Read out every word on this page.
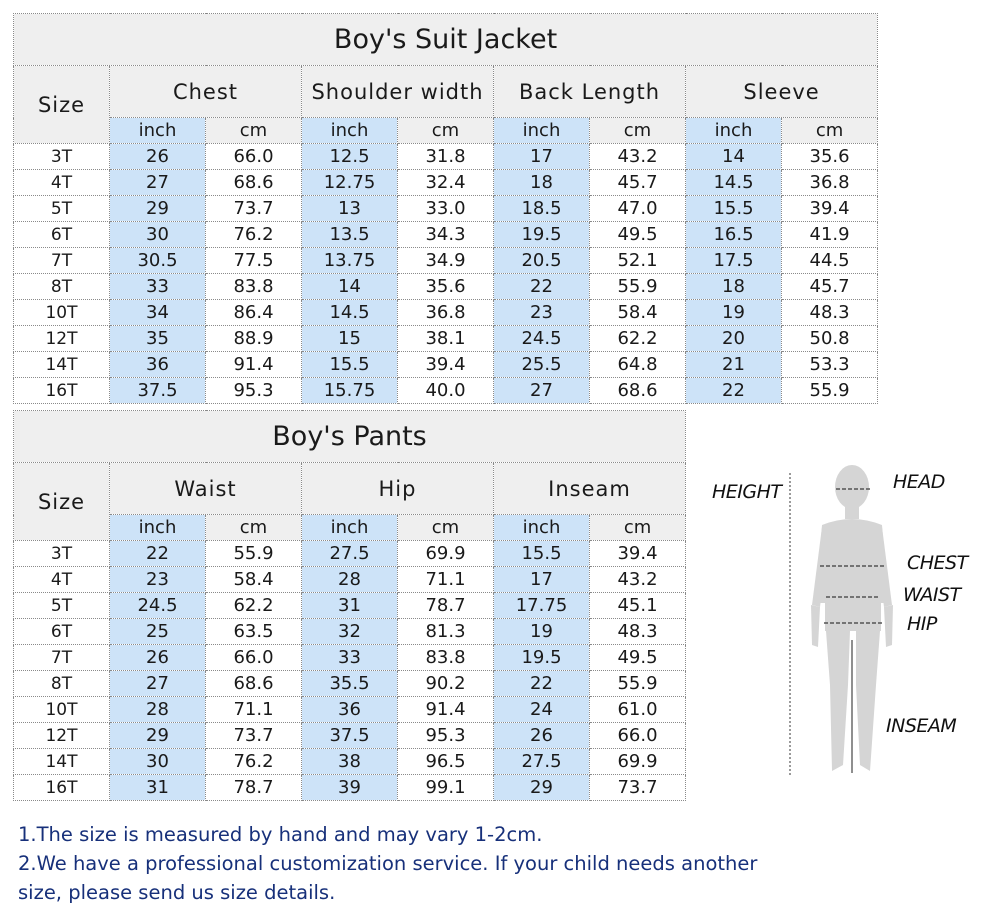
Boy's Suit Jacket								
Size	Chest		Shoulder width		Back Length		Sleeve	
	inch	cm	inch	cm	inch	cm	inch	cm
3T	26	66.0	12.5	31.8	17	43.2	14	35.6
4T	27	68.6	12.75	32.4	18	45.7	14.5	36.8
5T	29	73.7	13	33.0	18.5	47.0	15.5	39.4
6T	30	76.2	13.5	34.3	19.5	49.5	16.5	41.9
7T	30.5	77.5	13.75	34.9	20.5	52.1	17.5	44.5
8T	33	83.8	14	35.6	22	55.9	18	45.7
10T	34	86.4	14.5	36.8	23	58.4	19	48.3
12T	35	88.9	15	38.1	24.5	62.2	20	50.8
14T	36	91.4	15.5	39.4	25.5	64.8	21	53.3
16T	37.5	95.3	15.75	40.0	27	68.6	22	55.9
Boy's Pants						
Size	Waist		Hip		Inseam	
	inch	cm	inch	cm	inch	cm
3T	22	55.9	27.5	69.9	15.5	39.4
4T	23	58.4	28	71.1	17	43.2
5T	24.5	62.2	31	78.7	17.75	45.1
6T	25	63.5	32	81.3	19	48.3
7T	26	66.0	33	83.8	19.5	49.5
8T	27	68.6	35.5	90.2	22	55.9
10T	28	71.1	36	91.4	24	61.0
12T	29	73.7	37.5	95.3	26	66.0
14T	30	76.2	38	96.5	27.5	69.9
16T	31	78.7	39	99.1	29	73.7
HEIGHT	HEAD
CHEST
WAIST
HIP
INSEAM
1.The size is measured by hand and may vary 1-2cm.
2.We have a professional customization service. If your child needs another
size, please send us size details.
